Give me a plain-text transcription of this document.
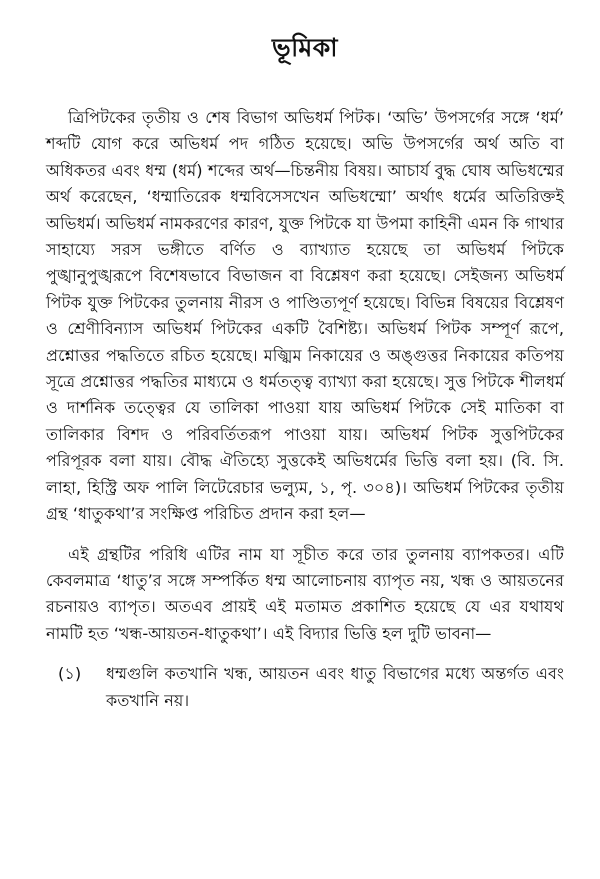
ভূমিকা

ত্রিপিটকের তৃতীয় ও শেষ বিভাগ অভিধর্ম পিটক। ‘অভি’ উপসর্গের সঙ্গে ‘ধর্ম’ শব্দটি যোগ করে অভিধর্ম পদ গঠিত হয়েছে। অভি উপসর্গের অর্থ অতি বা অধিকতর এবং ধম্ম (ধর্ম) শব্দের অর্থ—চিন্তনীয় বিষয়। আচার্য বুদ্ধ ঘোষ অভিধম্মের অর্থ করেছেন, ‘ধম্মাতিরেক ধম্মবিসেসখেন অভিধম্মো’ অর্থাৎ ধর্মের অতিরিক্তই অভিধর্ম। অভিধর্ম নামকরণের কারণ, যুক্ত পিটকে যা উপমা কাহিনী এমন কি গাথার সাহায্যে সরস ভঙ্গীতে বর্ণিত ও ব্যাখ্যাত হয়েছে তা অভিধর্ম পিটকে পুঙ্খানুপুঙ্খরূপে বিশেষভাবে বিভাজন বা বিশ্লেষণ করা হয়েছে। সেইজন্য অভিধর্ম পিটক যুক্ত পিটকের তুলনায় নীরস ও পাণ্ডিত্যপূর্ণ হয়েছে। বিভিন্ন বিষয়ের বিশ্লেষণ ও শ্রেণীবিন্যাস অভিধর্ম পিটকের একটি বৈশিষ্ট্য। অভিধর্ম পিটক সম্পূর্ণ রূপে, প্রশ্নোত্তর পদ্ধতিতে রচিত হয়েছে। মজ্ঝিম নিকায়ের ও অঙ্গুত্তর নিকায়ের কতিপয় সূত্রে প্রশ্নোত্তর পদ্ধতির মাধ্যমে ও ধর্মতত্ত্ব ব্যাখ্যা করা হয়েছে। সুত্ত পিটকে শীলধর্ম ও দার্শনিক তত্ত্বের যে তালিকা পাওয়া যায় অভিধর্ম পিটকে সেই মাতিকা বা তালিকার বিশদ ও পরিবর্তিতরূপ পাওয়া যায়। অভিধর্ম পিটক সুত্তপিটকের পরিপূরক বলা যায়। বৌদ্ধ ঐতিহ্যে সুত্তকেই অভিধর্মের ভিত্তি বলা হয়। (বি. সি. লাহা, হিস্ট্রি অফ পালি লিটেরেচার ভল্যুম, ১, পৃ. ৩০৪)। অভিধর্ম পিটকের তৃতীয় গ্রন্থ ‘ধাতুকথা’র সংক্ষিপ্ত পরিচিত প্রদান করা হল—

এই গ্রন্থটির পরিধি এটির নাম যা সূচীত করে তার তুলনায় ব্যাপকতর। এটি কেবলমাত্র ‘ধাতু’র সঙ্গে সম্পর্কিত ধম্ম আলোচনায় ব্যাপৃত নয়, খন্ধ ও আয়তনের রচনায়ও ব্যাপৃত। অতএব প্রায়ই এই মতামত প্রকাশিত হয়েছে যে এর যথাযথ নামটি হত ‘খন্ধ-আয়তন-ধাতুকথা’। এই বিদ্যার ভিত্তি হল দুটি ভাবনা—

(১)	ধম্মগুলি কতখানি খন্ধ, আয়তন এবং ধাতু বিভাগের মধ্যে অন্তর্গত এবং কতখানি নয়।
